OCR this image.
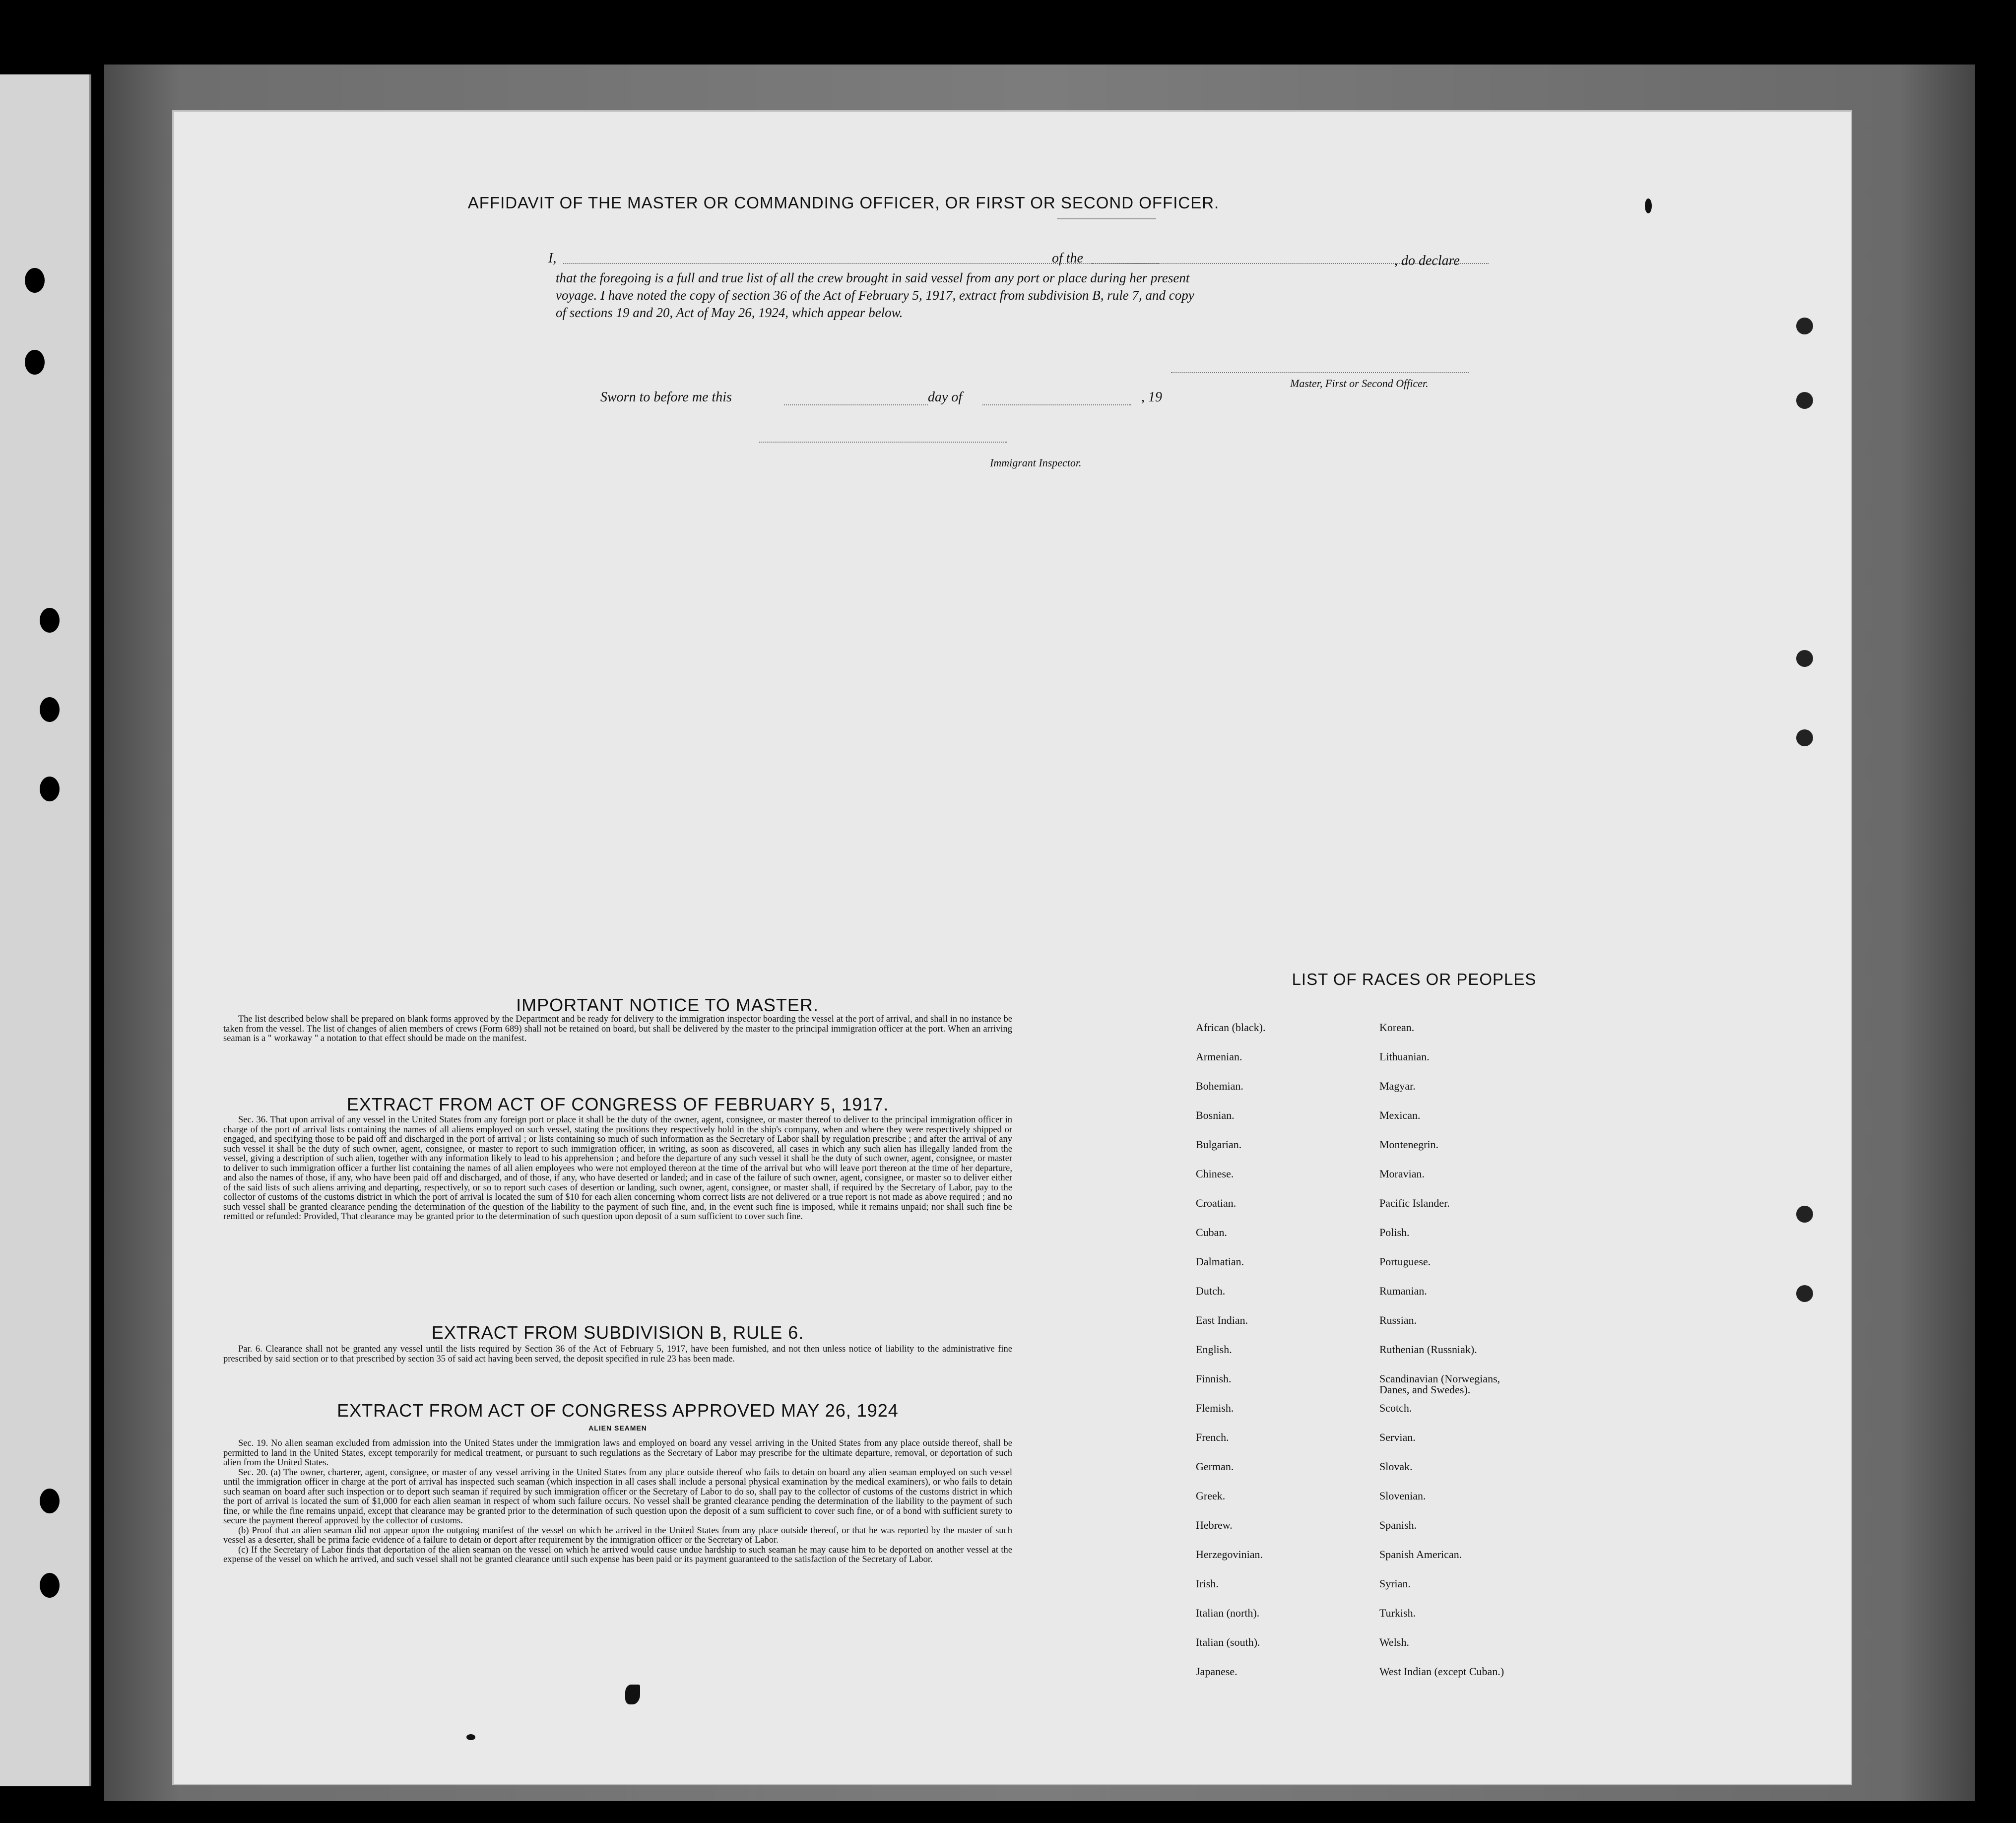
AFFIDAVIT OF THE MASTER OR COMMANDING OFFICER, OR FIRST OR SECOND OFFICER.
I,	of the	, do declare
that the foregoing is a full and true list of all the crew brought in said vessel from any port or place during her present
voyage. I have noted the copy of section 36 of the Act of February 5, 1917, extract from subdivision B, rule 7, and copy
of sections 19 and 20, Act of May 26, 1924, which appear below.
Master, First or Second Officer.
Sworn to before me this	day of	, 19
Immigrant Inspector.
IMPORTANT NOTICE TO MASTER.

The list described below shall be prepared on blank forms approved by the Department and be ready for delivery to the immigration inspector boarding the vessel at the port of arrival, and shall in no instance be taken from the vessel. The list of changes of alien members of crews (Form 689) shall not be retained on board, but shall be delivered by the master to the principal immigration officer at the port. When an arriving seaman is a " workaway " a notation to that effect should be made on the manifest.

EXTRACT FROM ACT OF CONGRESS OF FEBRUARY 5, 1917.

Sec. 36. That upon arrival of any vessel in the United States from any foreign port or place it shall be the duty of the owner, agent, consignee, or master thereof to deliver to the principal immigration officer in charge of the port of arrival lists containing the names of all aliens employed on such vessel, stating the positions they respectively hold in the ship's company, when and where they were respectively shipped or engaged, and specifying those to be paid off and discharged in the port of arrival ; or lists containing so much of such information as the Secretary of Labor shall by regulation prescribe ; and after the arrival of any such vessel it shall be the duty of such owner, agent, consignee, or master to report to such immigration officer, in writing, as soon as discovered, all cases in which any such alien has illegally landed from the vessel, giving a description of such alien, together with any information likely to lead to his apprehension ; and before the departure of any such vessel it shall be the duty of such owner, agent, consignee, or master to deliver to such immigration officer a further list containing the names of all alien employees who were not employed thereon at the time of the arrival but who will leave port thereon at the time of her departure, and also the names of those, if any, who have been paid off and discharged, and of those, if any, who have deserted or landed; and in case of the failure of such owner, agent, consignee, or master so to deliver either of the said lists of such aliens arriving and departing, respectively, or so to report such cases of desertion or landing, such owner, agent, consignee, or master shall, if required by the Secretary of Labor, pay to the collector of customs of the customs district in which the port of arrival is located the sum of $10 for each alien concerning whom correct lists are not delivered or a true report is not made as above required ; and no such vessel shall be granted clearance pending the determination of the question of the liability to the payment of such fine, and, in the event such fine is imposed, while it remains unpaid; nor shall such fine be remitted or refunded: Provided, That clearance may be granted prior to the determination of such question upon deposit of a sum sufficient to cover such fine.

EXTRACT FROM SUBDIVISION B, RULE 6.

Par. 6. Clearance shall not be granted any vessel until the lists required by Section 36 of the Act of February 5, 1917, have been furnished, and not then unless notice of liability to the administrative fine prescribed by said section or to that prescribed by section 35 of said act having been served, the deposit specified in rule 23 has been made.

EXTRACT FROM ACT OF CONGRESS APPROVED MAY 26, 1924
ALIEN SEAMEN

Sec. 19. No alien seaman excluded from admission into the United States under the immigration laws and employed on board any vessel arriving in the United States from any place outside thereof, shall be permitted to land in the United States, except temporarily for medical treatment, or pursuant to such regulations as the Secretary of Labor may prescribe for the ultimate departure, removal, or deportation of such alien from the United States.

Sec. 20. (a) The owner, charterer, agent, consignee, or master of any vessel arriving in the United States from any place outside thereof who fails to detain on board any alien seaman employed on such vessel until the immigration officer in charge at the port of arrival has inspected such seaman (which inspection in all cases shall include a personal physical examination by the medical examiners), or who fails to detain such seaman on board after such inspection or to deport such seaman if required by such immigration officer or the Secretary of Labor to do so, shall pay to the collector of customs of the customs district in which the port of arrival is located the sum of $1,000 for each alien seaman in respect of whom such failure occurs. No vessel shall be granted clearance pending the determination of the liability to the payment of such fine, or while the fine remains unpaid, except that clearance may be granted prior to the determination of such question upon the deposit of a sum sufficient to cover such fine, or of a bond with sufficient surety to secure the payment thereof approved by the collector of customs.

(b) Proof that an alien seaman did not appear upon the outgoing manifest of the vessel on which he arrived in the United States from any place outside thereof, or that he was reported by the master of such vessel as a deserter, shall be prima facie evidence of a failure to detain or deport after requirement by the immigration officer or the Secretary of Labor.

(c) If the Secretary of Labor finds that deportation of the alien seaman on the vessel on which he arrived would cause undue hardship to such seaman he may cause him to be deported on another vessel at the expense of the vessel on which he arrived, and such vessel shall not be granted clearance until such expense has been paid or its payment guaranteed to the satisfaction of the Secretary of Labor.

LIST OF RACES OR PEOPLES
African (black).	Korean.
Armenian.	Lithuanian.
Bohemian.	Magyar.
Bosnian.	Mexican.
Bulgarian.	Montenegrin.
Chinese.	Moravian.
Croatian.	Pacific Islander.
Cuban.	Polish.
Dalmatian.	Portuguese.
Dutch.	Rumanian.
East Indian.	Russian.
English.	Ruthenian (Russniak).
Finnish.	Scandinavian (Norwegians,
Danes, and Swedes).
Flemish.	Scotch.
French.	Servian.
German.	Slovak.
Greek.	Slovenian.
Hebrew.	Spanish.
Herzegovinian.	Spanish American.
Irish.	Syrian.
Italian (north).	Turkish.
Italian (south).	Welsh.
Japanese.	West Indian (except Cuban.)
